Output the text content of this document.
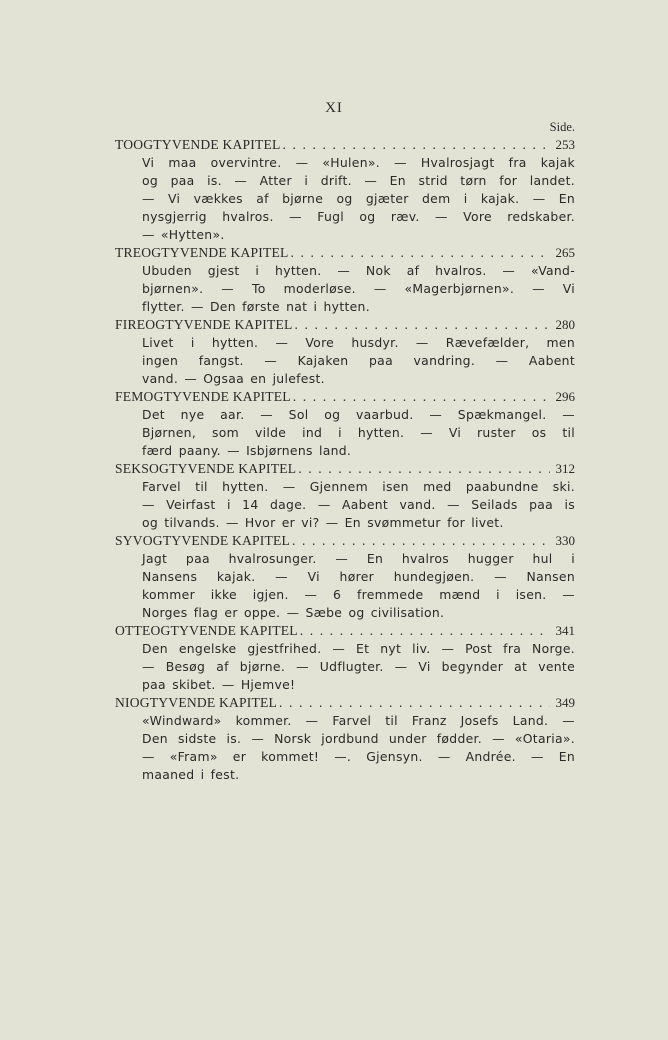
XI
Side.
TOOGTYVENDE KAPITEL . . .	253
Vi maa overvintre. — «Hulen». — Hvalrosjagt fra kajak
og paa is. — Atter i drift. — En strid tørn for landet.
— Vi vækkes af bjørne og gjæter dem i kajak. — En
nysgjerrig hvalros. — Fugl og ræv. — Vore redskaber.
— «Hytten».
TREOGTYVENDE KAPITEL . . .	265
Ubuden gjest i hytten. — Nok af hvalros. — «Vand-
bjørnen». — To moderløse. — «Magerbjørnen». — Vi
flytter. — Den første nat i hytten.
FIREOGTYVENDE KAPITEL . . .	280
Livet i hytten. — Vore husdyr. — Rævefælder, men
ingen fangst. — Kajaken paa vandring. — Aabent
vand. — Ogsaa en julefest.
FEMOGTYVENDE KAPITEL . . .	296
Det nye aar. — Sol og vaarbud. — Spækmangel. —
Bjørnen, som vilde ind i hytten. — Vi ruster os til
færd paany. — Isbjørnens land.
SEKSOGTYVENDE KAPITEL . . .	312
Farvel til hytten. — Gjennem isen med paabundne ski.
— Veirfast i 14 dage. — Aabent vand. — Seilads paa is
og tilvands. — Hvor er vi? — En svømmetur for livet.
SYVOGTYVENDE KAPITEL . . .	330
Jagt paa hvalrosunger. — En hvalros hugger hul i
Nansens kajak. — Vi hører hundegjøen. — Nansen
kommer ikke igjen. — 6 fremmede mænd i isen. —
Norges flag er oppe. — Sæbe og civilisation.
OTTEOGTYVENDE KAPITEL . . .	341
Den engelske gjestfrihed. — Et nyt liv. — Post fra Norge.
— Besøg af bjørne. — Udflugter. — Vi begynder at vente
paa skibet. — Hjemve!
NIOGTYVENDE KAPITEL . . .	349
«Windward» kommer. — Farvel til Franz Josefs Land. —
Den sidste is. — Norsk jordbund under fødder. — «Otaria».
— «Fram» er kommet! —. Gjensyn. — Andrée. — En
maaned i fest.
